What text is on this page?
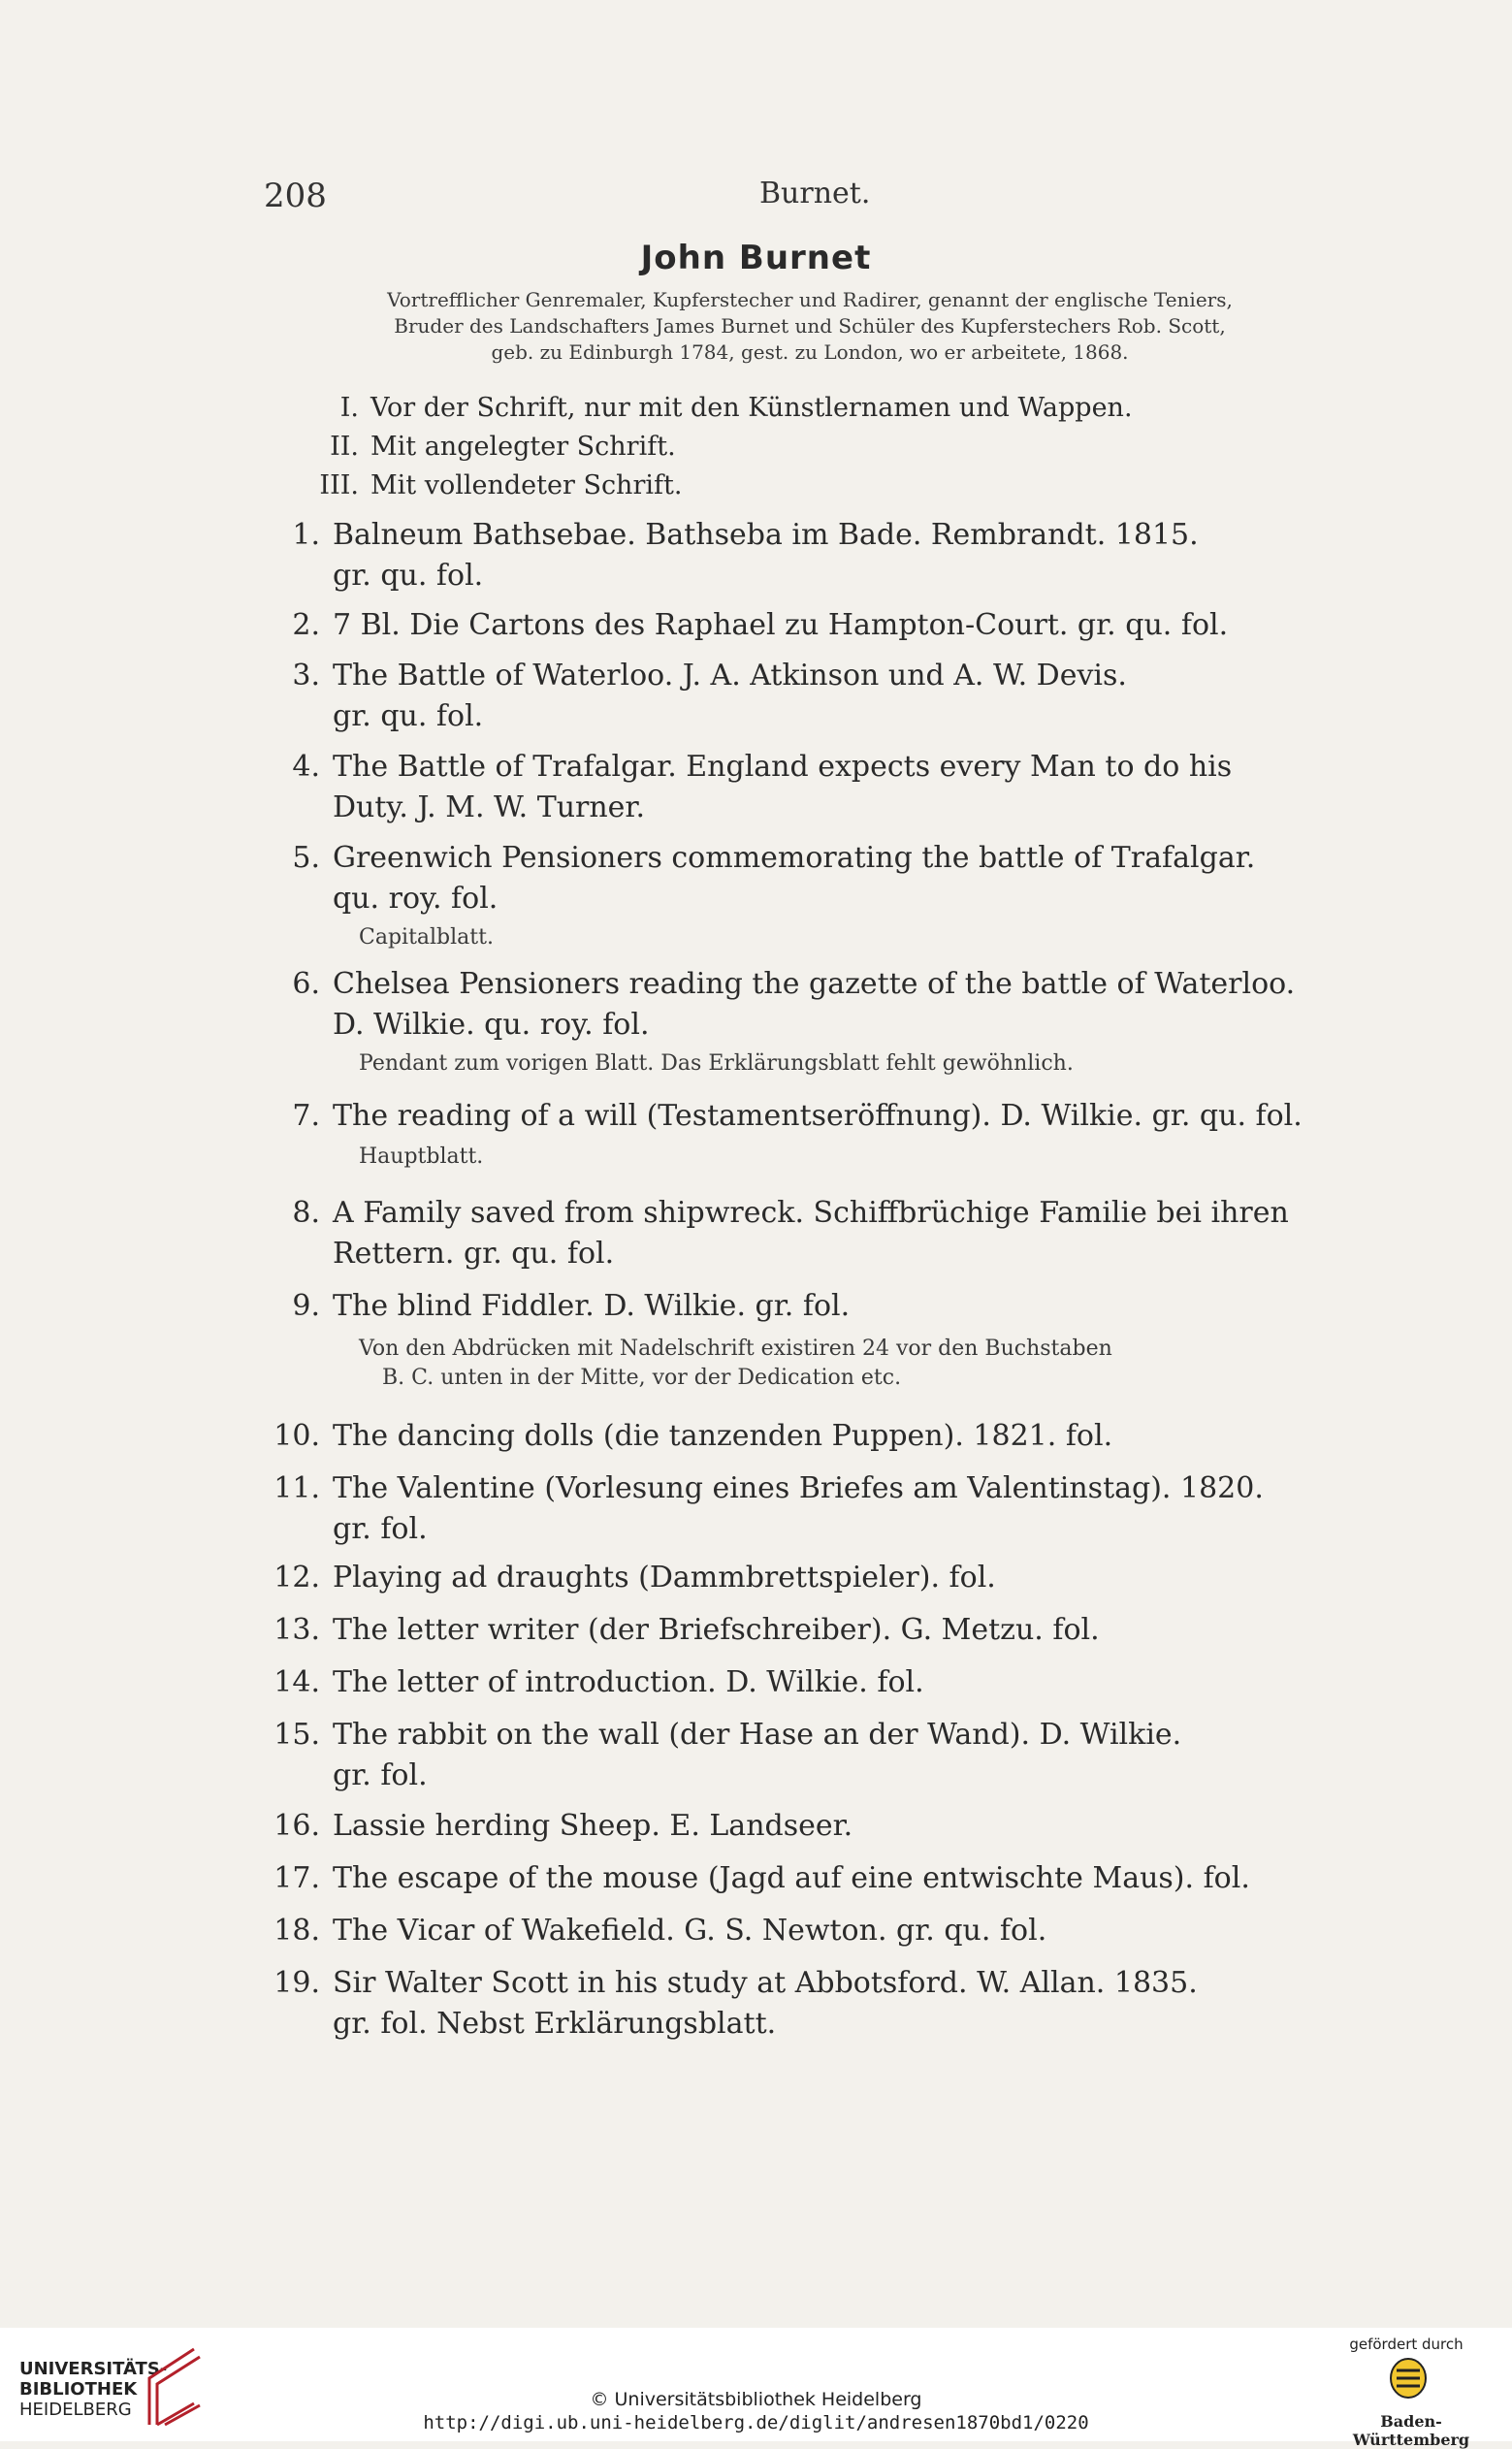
208	Burnet.
John Burnet
Vortrefflicher Genremaler, Kupferstecher und Radirer, genannt der englische Teniers,
Bruder des Landschafters James Burnet und Schüler des Kupferstechers Rob. Scott,
geb. zu Edinburgh 1784, gest. zu London, wo er arbeitete, 1868.
I. Vor der Schrift, nur mit den Künstlernamen und Wappen.
II. Mit angelegter Schrift.
III. Mit vollendeter Schrift.
1. Balneum Bathsebae. Bathseba im Bade. Rembrandt. 1815.
gr. qu. fol.
2. 7 Bl. Die Cartons des Raphael zu Hampton-Court. gr. qu. fol.
3. The Battle of Waterloo. J. A. Atkinson und A. W. Devis.
gr. qu. fol.
4. The Battle of Trafalgar. England expects every Man to do his
Duty. J. M. W. Turner.
5. Greenwich Pensioners commemorating the battle of Trafalgar.
qu. roy. fol.
Capitalblatt.
6. Chelsea Pensioners reading the gazette of the battle of Waterloo.
D. Wilkie. qu. roy. fol.
Pendant zum vorigen Blatt. Das Erklärungsblatt fehlt gewöhnlich.
7. The reading of a will (Testamentseröffnung). D. Wilkie. gr. qu. fol.
Hauptblatt.
8. A Family saved from shipwreck. Schiffbrüchige Familie bei ihren
Rettern. gr. qu. fol.
9. The blind Fiddler. D. Wilkie. gr. fol.
Von den Abdrücken mit Nadelschrift existiren 24 vor den Buchstaben
B. C. unten in der Mitte, vor der Dedication etc.
10. The dancing dolls (die tanzenden Puppen). 1821. fol.
11. The Valentine (Vorlesung eines Briefes am Valentinstag). 1820.
gr. fol.
12. Playing ad draughts (Dammbrettspieler). fol.
13. The letter writer (der Briefschreiber). G. Metzu. fol.
14. The letter of introduction. D. Wilkie. fol.
15. The rabbit on the wall (der Hase an der Wand). D. Wilkie.
gr. fol.
16. Lassie herding Sheep. E. Landseer.
17. The escape of the mouse (Jagd auf eine entwischte Maus). fol.
18. The Vicar of Wakefield. G. S. Newton. gr. qu. fol.
19. Sir Walter Scott in his study at Abbotsford. W. Allan. 1835.
gr. fol. Nebst Erklärungsblatt.
UNIVERSITÄTS-
BIBLIOTHEK
HEIDELBERG	© Universitätsbibliothek Heidelberg
http://digi.ub.uni-heidelberg.de/diglit/andresen1870bd1/0220
gefördert durch
Baden-Württemberg
